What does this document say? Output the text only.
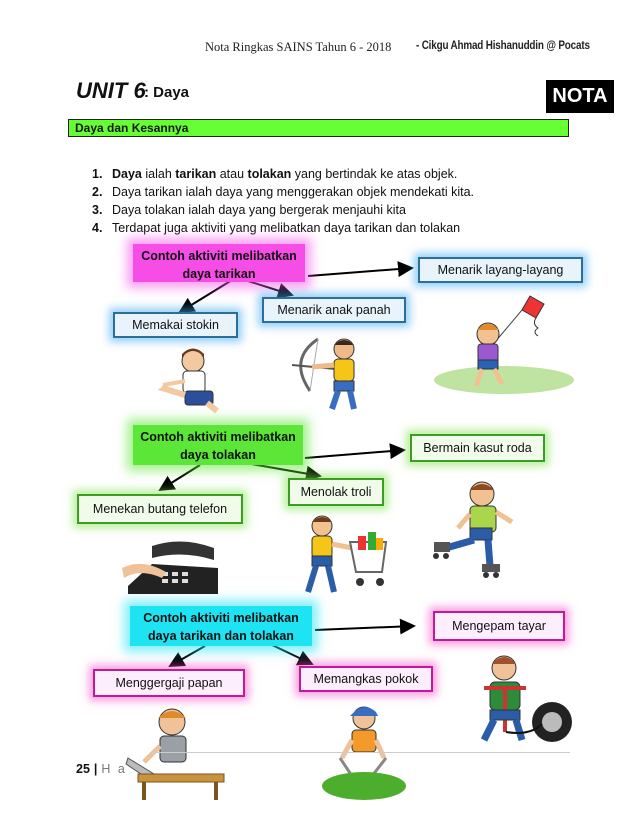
Nota Ringkas SAINS Tahun 6 - 2018 - Cikgu Ahmad Hishanuddin @ Pocats
UNIT 6
: Daya	NOTA
Daya dan Kesannya
1. Daya ialah tarikan atau tolakan yang bertindak ke atas objek.
2. Daya tarikan ialah daya yang menggerakan objek mendekati kita.
3. Daya tolakan ialah daya yang bergerak menjauhi kita
4. Terdapat juga aktiviti yang melibatkan daya tarikan dan tolakan
Contoh aktiviti melibatkan
daya tarikan	Menarik layang-layang
Menarik anak panah
Memakai stokin
Contoh aktiviti melibatkan
daya tolakan	Bermain kasut roda
Menolak troli
Menekan butang telefon
Contoh aktiviti melibatkan
daya tarikan dan tolakan
Mengepam tayar
Memangkas pokok
Menggergaji papan
25 | H a
